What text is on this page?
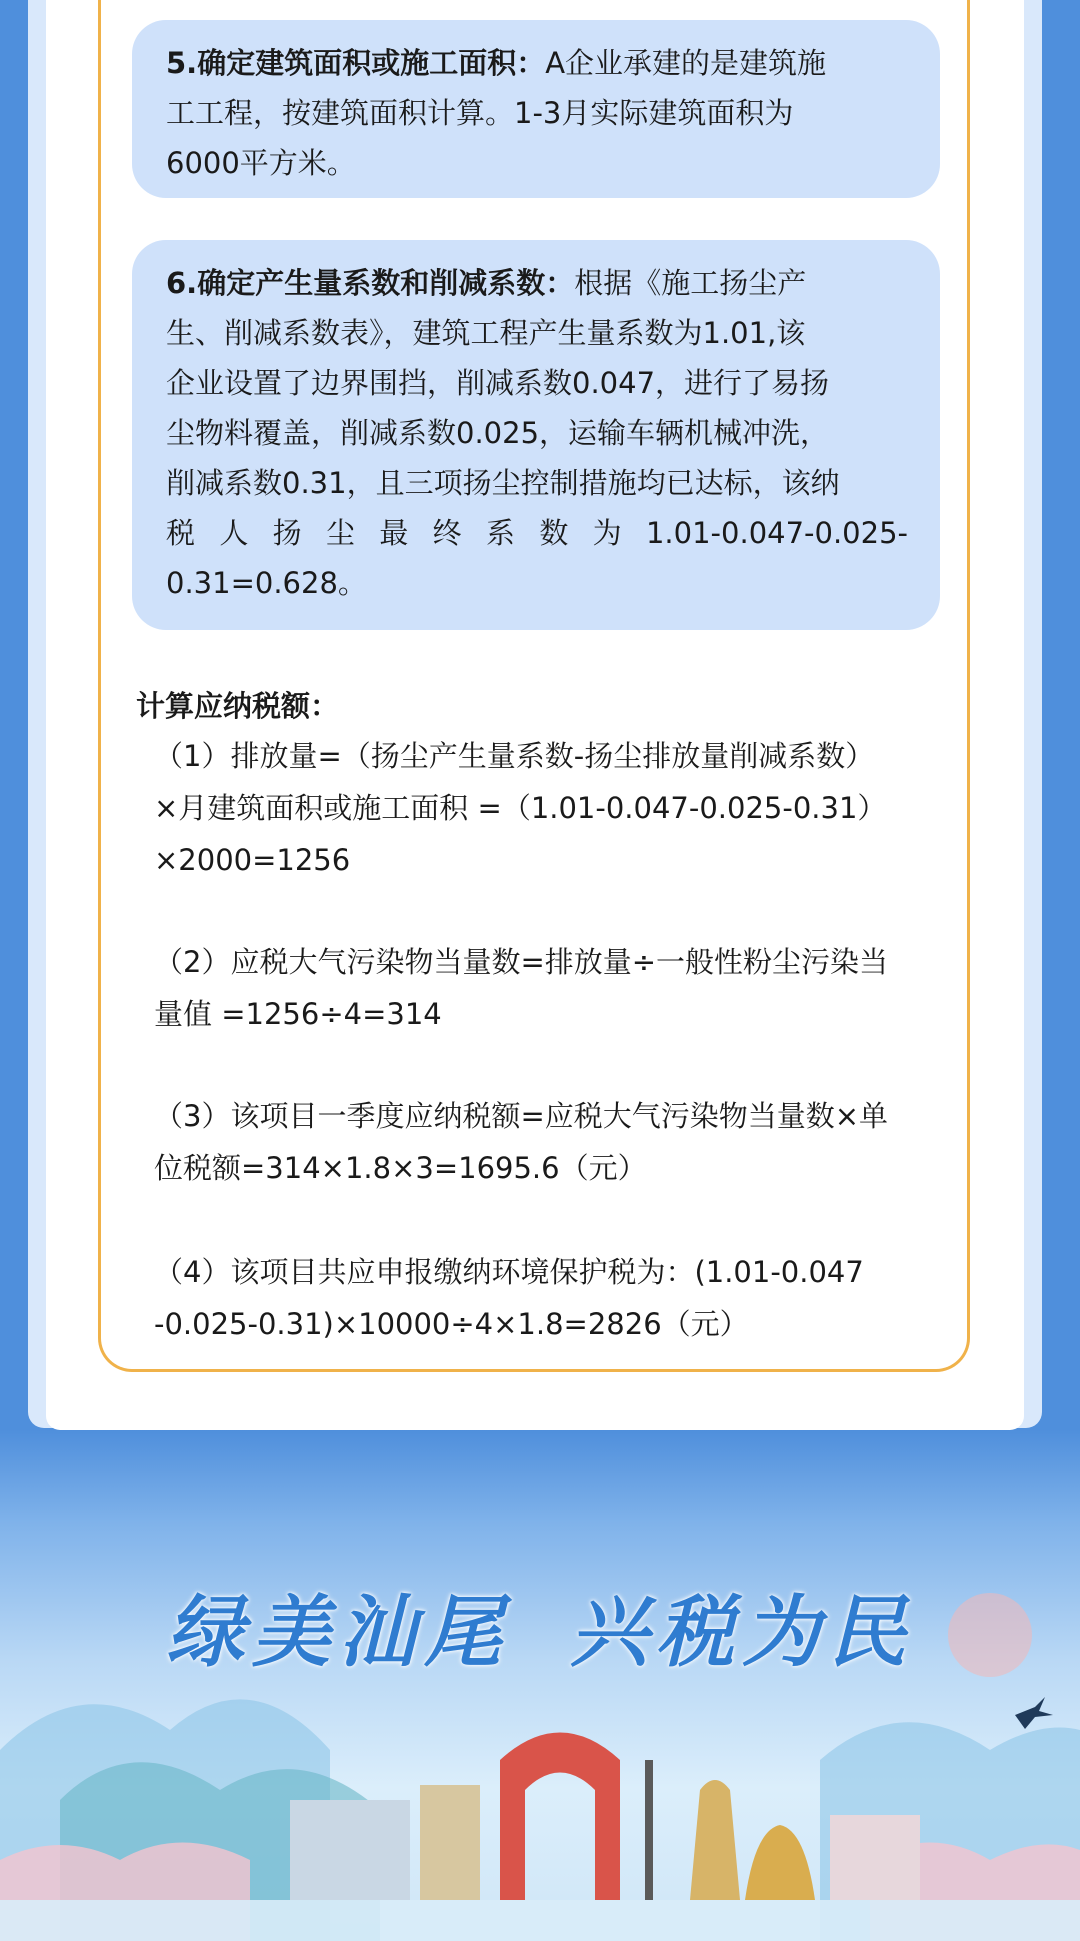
5.确定建筑面积或施工面积：A企业承建的是建筑施
工工程，按建筑面积计算。1-3月实际建筑面积为
6000平方米。
6.确定产生量系数和削减系数：根据《施工扬尘产
生、削减系数表》，建筑工程产生量系数为1.01,该
企业设置了边界围挡，削减系数0.047，进行了易扬
尘物料覆盖，削减系数0.025，运输车辆机械冲洗，
削减系数0.31，且三项扬尘控制措施均已达标，该纳
税人扬尘最终系数为1.01-0.047-0.025-
0.31=0.628。
计算应纳税额：
（1）排放量=（扬尘产生量系数-扬尘排放量削减系数）
×月建筑面积或施工面积 =（1.01-0.047-0.025-0.31）
×2000=1256
（2）应税大气污染物当量数=排放量÷一般性粉尘污染当
量值 =1256÷4=314
（3）该项目一季度应纳税额=应税大气污染物当量数×单
位税额=314×1.8×3=1695.6（元）
（4）该项目共应申报缴纳环境保护税为：(1.01-0.047
-0.025-0.31)×10000÷4×1.8=2826（元）
绿美汕尾 兴税为民
